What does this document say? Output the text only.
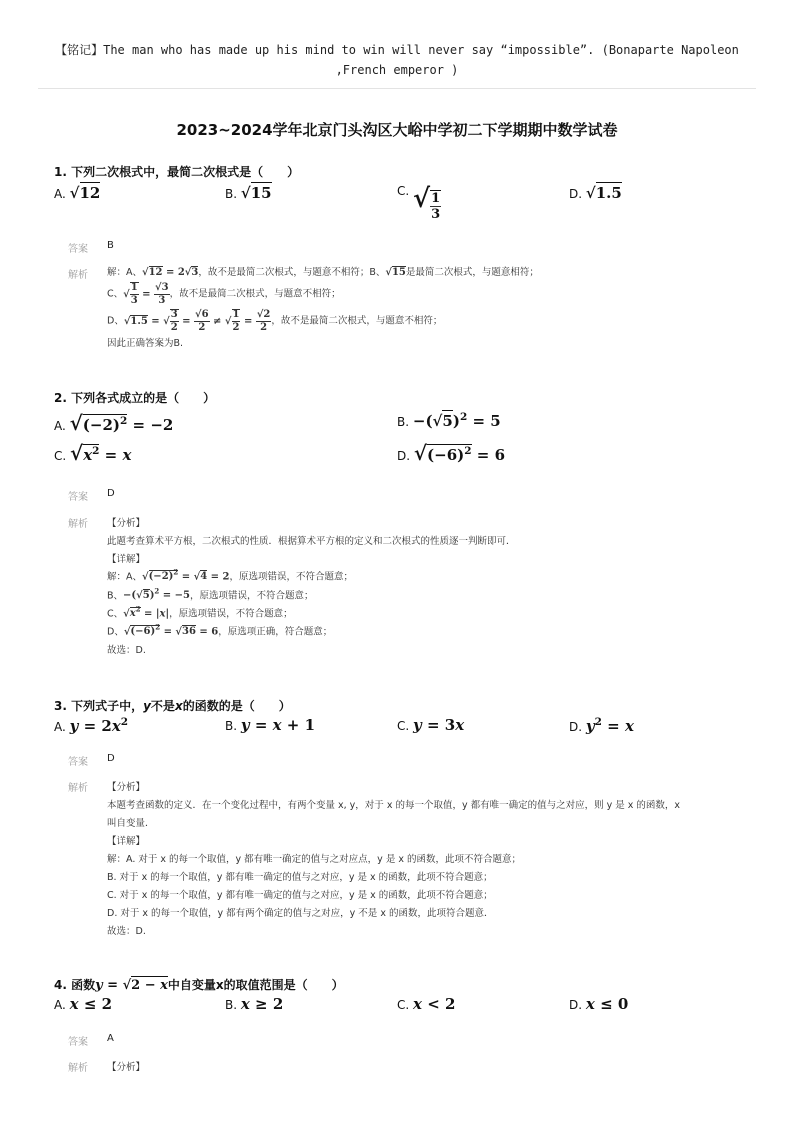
【铭记】The man who has made up his mind to win will never say “impossible”. (Bonaparte Napoleon ,French emperor )
2023~2024学年北京门头沟区大峪中学初二下学期期中数学试卷
1. 下列二次根式中，最简二次根式是（　　）
A. √12	B. √15	C. √ $\frac{1}{3}$	D. √1.5
答案 B
解析 解：A、√12 = 2√3，故不是最简二次根式，与题意不相符；B、√15是最简二次根式，与题意相符；
C、√ $\frac{1}{3} = \frac{√3}{3}$ ，故不是最简二次根式，与题意不相符；
D、√1.5 = √ $\frac{3}{2} = \frac{√6}{2}$ ≠ √ $\frac{1}{2} = \frac{√2}{2}$ ，故不是最简二次根式，与题意不相符；
因此正确答案为B.
2. 下列各式成立的是（　　）
A. $√(-2)^2 = -2$	B. $-(√5)^2 = 5$
C. $√x^2 = x$	D. $√(-6)^2 = 6$
答案 D
解析 【分析】
此题考查算术平方根，二次根式的性质．根据算术平方根的定义和二次根式的性质逐一判断即可．
【详解】
解：A、$√(-2)^2 = √4 = 2$，原选项错误，不符合题意；
B、$-(√5)^2 = -5$，原选项错误，不符合题意；
C、$√x^2 = |x|$，原选项错误，不符合题意；
D、$√(-6)^2 = √36 = 6$，原选项正确，符合题意；
故选：D.
3. 下列式子中，y不是x的函数的是（　　）
A. $y = 2x^2$	B. y = x + 1	C. y = 3x	D. $y^2 = x$
答案 D
解析 【分析】
本题考查函数的定义．在一个变化过程中，有两个变量 x, y，对于 x 的每一个取值，y 都有唯一确定的值与之对应，则 y 是 x 的函数，x
叫自变量．
【详解】
解：A. 对于 x 的每一个取值，y 都有唯一确定的值与之对应点，y 是 x 的函数，此项不符合题意；
B. 对于 x 的每一个取值，y 都有唯一确定的值与之对应，y 是 x 的函数，此项不符合题意；
C. 对于 x 的每一个取值，y 都有唯一确定的值与之对应，y 是 x 的函数，此项不符合题意；
D. 对于 x 的每一个取值，y 都有两个确定的值与之对应，y 不是 x 的函数，此项符合题意．
故选：D.
4. 函数y = √2 − x中自变量x的取值范围是（　　）
A. x ≤ 2	B. x ≥ 2	C. x < 2	D. x ≤ 0
答案 A
解析 【分析】
